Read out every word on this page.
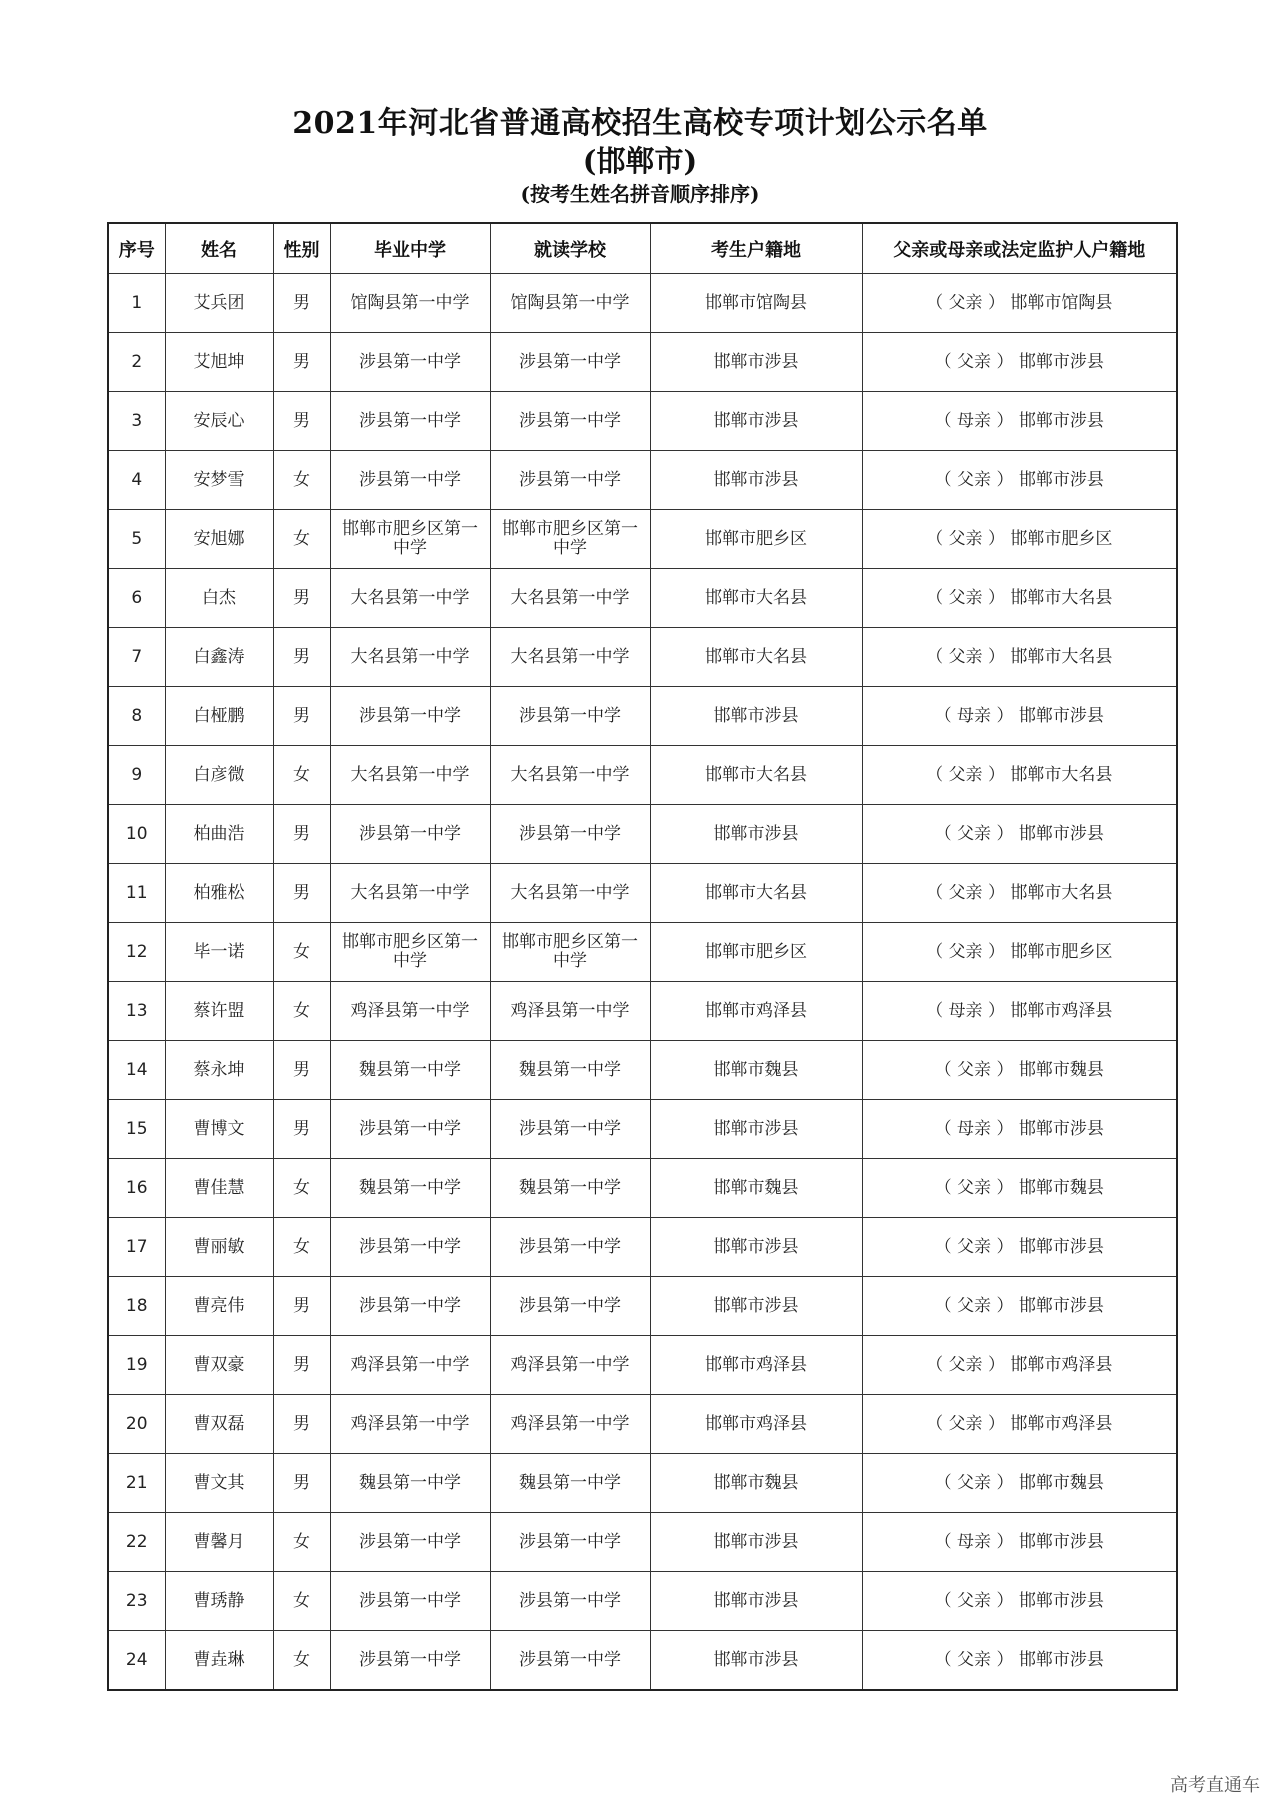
2021年河北省普通高校招生高校专项计划公示名单
(邯郸市)
(按考生姓名拼音顺序排序)
序号	姓名	性别	毕业中学	就读学校	考生户籍地	父亲或母亲或法定监护人户籍地
1	艾兵团	男	馆陶县第一中学	馆陶县第一中学	邯郸市馆陶县	（ 父亲 ） 邯郸市馆陶县
2	艾旭坤	男	涉县第一中学	涉县第一中学	邯郸市涉县	（ 父亲 ） 邯郸市涉县
3	安辰心	男	涉县第一中学	涉县第一中学	邯郸市涉县	（ 母亲 ） 邯郸市涉县
4	安梦雪	女	涉县第一中学	涉县第一中学	邯郸市涉县	（ 父亲 ） 邯郸市涉县
5	安旭娜	女	邯郸市肥乡区第一中学	邯郸市肥乡区第一中学	邯郸市肥乡区	（ 父亲 ） 邯郸市肥乡区
6	白杰	男	大名县第一中学	大名县第一中学	邯郸市大名县	（ 父亲 ） 邯郸市大名县
7	白鑫涛	男	大名县第一中学	大名县第一中学	邯郸市大名县	（ 父亲 ） 邯郸市大名县
8	白桠鹏	男	涉县第一中学	涉县第一中学	邯郸市涉县	（ 母亲 ） 邯郸市涉县
9	白彦微	女	大名县第一中学	大名县第一中学	邯郸市大名县	（ 父亲 ） 邯郸市大名县
10	柏曲浩	男	涉县第一中学	涉县第一中学	邯郸市涉县	（ 父亲 ） 邯郸市涉县
11	柏雅松	男	大名县第一中学	大名县第一中学	邯郸市大名县	（ 父亲 ） 邯郸市大名县
12	毕一诺	女	邯郸市肥乡区第一中学	邯郸市肥乡区第一中学	邯郸市肥乡区	（ 父亲 ） 邯郸市肥乡区
13	蔡许盟	女	鸡泽县第一中学	鸡泽县第一中学	邯郸市鸡泽县	（ 母亲 ） 邯郸市鸡泽县
14	蔡永坤	男	魏县第一中学	魏县第一中学	邯郸市魏县	（ 父亲 ） 邯郸市魏县
15	曹博文	男	涉县第一中学	涉县第一中学	邯郸市涉县	（ 母亲 ） 邯郸市涉县
16	曹佳慧	女	魏县第一中学	魏县第一中学	邯郸市魏县	（ 父亲 ） 邯郸市魏县
17	曹丽敏	女	涉县第一中学	涉县第一中学	邯郸市涉县	（ 父亲 ） 邯郸市涉县
18	曹亮伟	男	涉县第一中学	涉县第一中学	邯郸市涉县	（ 父亲 ） 邯郸市涉县
19	曹双豪	男	鸡泽县第一中学	鸡泽县第一中学	邯郸市鸡泽县	（ 父亲 ） 邯郸市鸡泽县
20	曹双磊	男	鸡泽县第一中学	鸡泽县第一中学	邯郸市鸡泽县	（ 父亲 ） 邯郸市鸡泽县
21	曹文其	男	魏县第一中学	魏县第一中学	邯郸市魏县	（ 父亲 ） 邯郸市魏县
22	曹馨月	女	涉县第一中学	涉县第一中学	邯郸市涉县	（ 母亲 ） 邯郸市涉县
23	曹琇静	女	涉县第一中学	涉县第一中学	邯郸市涉县	（ 父亲 ） 邯郸市涉县
24	曹垚琳	女	涉县第一中学	涉县第一中学	邯郸市涉县	（ 父亲 ） 邯郸市涉县
高考直通车
